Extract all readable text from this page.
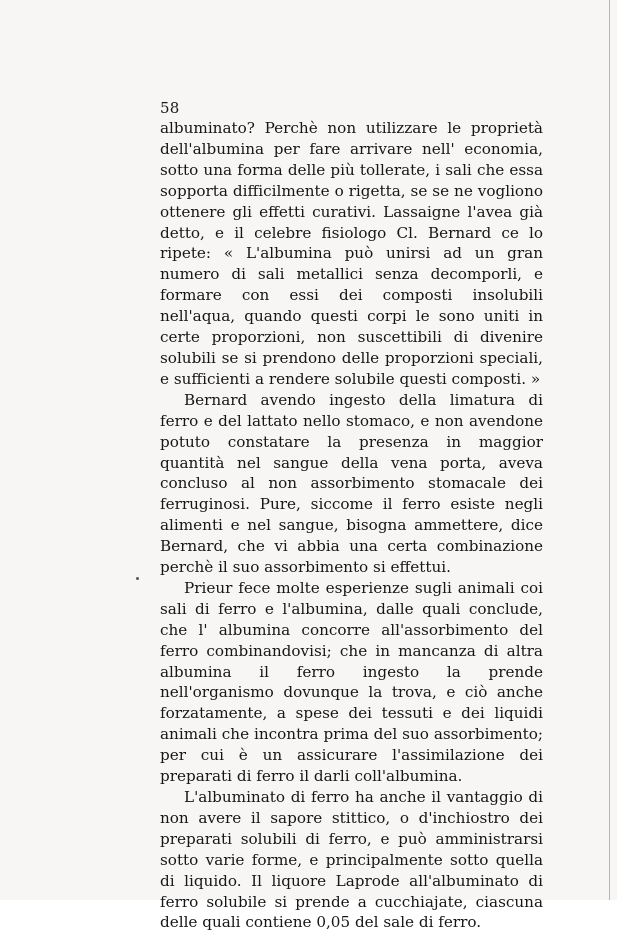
58

albuminato? Perchè non utilizzare le proprietà dell'albumina per fare arrivare nell' economia, sotto una forma delle più tollerate, i sali che essa sopporta difficilmente o rigetta, se se ne vogliono ottenere gli effetti curativi. Lassaigne l'avea già detto, e il celebre fisiologo Cl. Bernard ce lo ripete: « L'albumina può unirsi ad un gran numero di sali metallici senza decomporli, e formare con essi dei composti insolubili nell'aqua, quando questi corpi le sono uniti in certe proporzioni, non suscettibili di divenire solubili se si prendono delle proporzioni speciali, e sufficienti a rendere solubile questi composti. »

Bernard avendo ingesto della limatura di ferro e del lattato nello stomaco, e non avendone potuto constatare la presenza in maggior quantità nel sangue della vena porta, aveva concluso al non assorbimento stomacale dei ferruginosi. Pure, siccome il ferro esiste negli alimenti e nel sangue, bisogna ammettere, dice Bernard, che vi abbia una certa combinazione perchè il suo assorbimento si effettui.

Prieur fece molte esperienze sugli animali coi sali di ferro e l'albumina, dalle quali conclude, che l' albumina concorre all'assorbimento del ferro combinandovisi; che in mancanza di altra albumina il ferro ingesto la prende nell'organismo dovunque la trova, e ciò anche forzatamente, a spese dei tessuti e dei liquidi animali che incontra prima del suo assorbimento; per cui è un assicurare l'assimilazione dei preparati di ferro il darli coll'albumina.

L'albuminato di ferro ha anche il vantaggio di non avere il sapore stittico, o d'inchiostro dei preparati solubili di ferro, e può amministrarsi sotto varie forme, e principalmente sotto quella di liquido. Il liquore Laprode all'albuminato di ferro solubile si prende a cucchiajate, ciascuna delle quali contiene 0,05 del sale di ferro.
